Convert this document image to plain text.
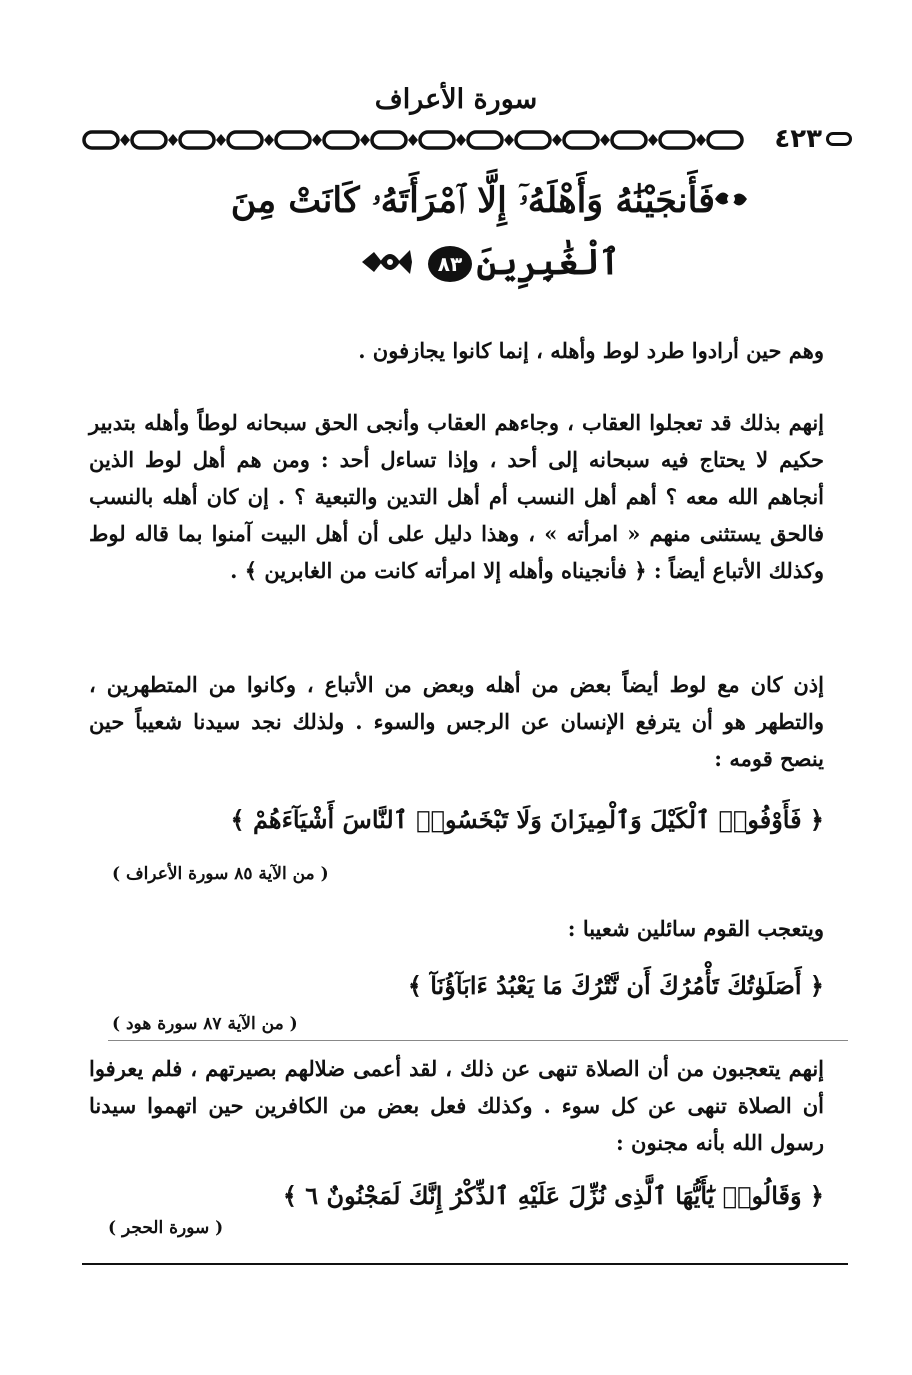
سورة الأعراف
٤٢٣
فَأَنجَيْنَٰهُ وَأَهْلَهُۥٓ إِلَّا ٱمْرَأَتَهُۥ كَانَتْ مِنَ
ٱلْغَٰبِرِينَ
٨٣
وهم حين أرادوا طرد لوط وأهله ، إنما كانوا يجازفون .
إنهم بذلك قد تعجلوا العقاب ، وجاءهم العقاب وأنجى الحق سبحانه لوطاً وأهله بتدبير حكيم لا يحتاج فيه سبحانه إلى أحد ، وإذا تساءل أحد : ومن هم أهل لوط الذين أنجاهم الله معه ؟ أهم أهل النسب أم أهل التدين والتبعية ؟ . إن كان أهله بالنسب فالحق يستثنى منهم « امرأته » ، وهذا دليل على أن أهل البيت آمنوا بما قاله لوط وكذلك الأتباع أيضاً : ﴿ فأنجيناه وأهله إلا امرأته كانت من الغابرين ﴾ .
إذن كان مع لوط أيضاً بعض من أهله وبعض من الأتباع ، وكانوا من المتطهرين ، والتطهر هو أن يترفع الإنسان عن الرجس والسوء . ولذلك نجد سيدنا شعيباً حين ينصح قومه :
﴿ فَأَوْفُوا۟ ٱلْكَيْلَ وَٱلْمِيزَانَ وَلَا تَبْخَسُوا۟ ٱلنَّاسَ أَشْيَآءَهُمْ ﴾
( من الآية ٨٥ سورة الأعراف )
ويتعجب القوم سائلين شعيبا :
﴿ أَصَلَوٰتُكَ تَأْمُرُكَ أَن نَّتْرُكَ مَا يَعْبُدُ ءَابَآؤُنَآ ﴾
( من الآية ٨٧ سورة هود )
إنهم يتعجبون من أن الصلاة تنهى عن ذلك ، لقد أعمى ضلالهم بصيرتهم ، فلم يعرفوا أن الصلاة تنهى عن كل سوء . وكذلك فعل بعض من الكافرين حين اتهموا سيدنا رسول الله بأنه مجنون :
﴿ وَقَالُوا۟ يَٰٓأَيُّهَا ٱلَّذِى نُزِّلَ عَلَيْهِ ٱلذِّكْرُ إِنَّكَ لَمَجْنُونٌ ٦ ﴾
( سورة الحجر )
